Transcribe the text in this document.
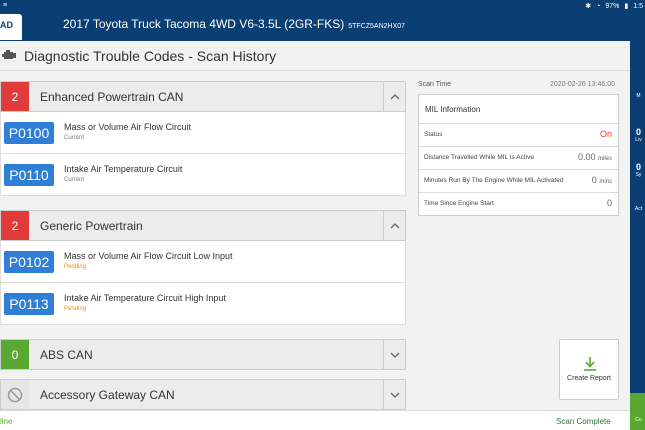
≡
AD	2017 Toyota Truck Tacoma 4WD V6-3.5L (2GR-FKS) 5TFCZ5AN2HX07
✱ ◔ 97% ▮ 1:5
Diagnostic Trouble Codes - Scan History
2	Enhanced Powertrain CAN
P0100	Mass or Volume Air Flow Circuit
Current
P0110	Intake Air Temperature Circuit
Current
2	Generic Powertrain
P0102	Mass or Volume Air Flow Circuit Low Input
Pending
P0113	Intake Air Temperature Circuit High Input
Pending
0	ABS CAN
Accessory Gateway CAN
Scan Time	2020-02-26 13:46:00
MIL Information
Status	On
Distance Travelled While MIL Is Active	0.00 miles
Minutes Run By The Engine While MIL Activated	0 mins
Time Since Engine Start	0
Create Report
M
0
Liv
0
Sy
Act
Co
line	Scan Complete
